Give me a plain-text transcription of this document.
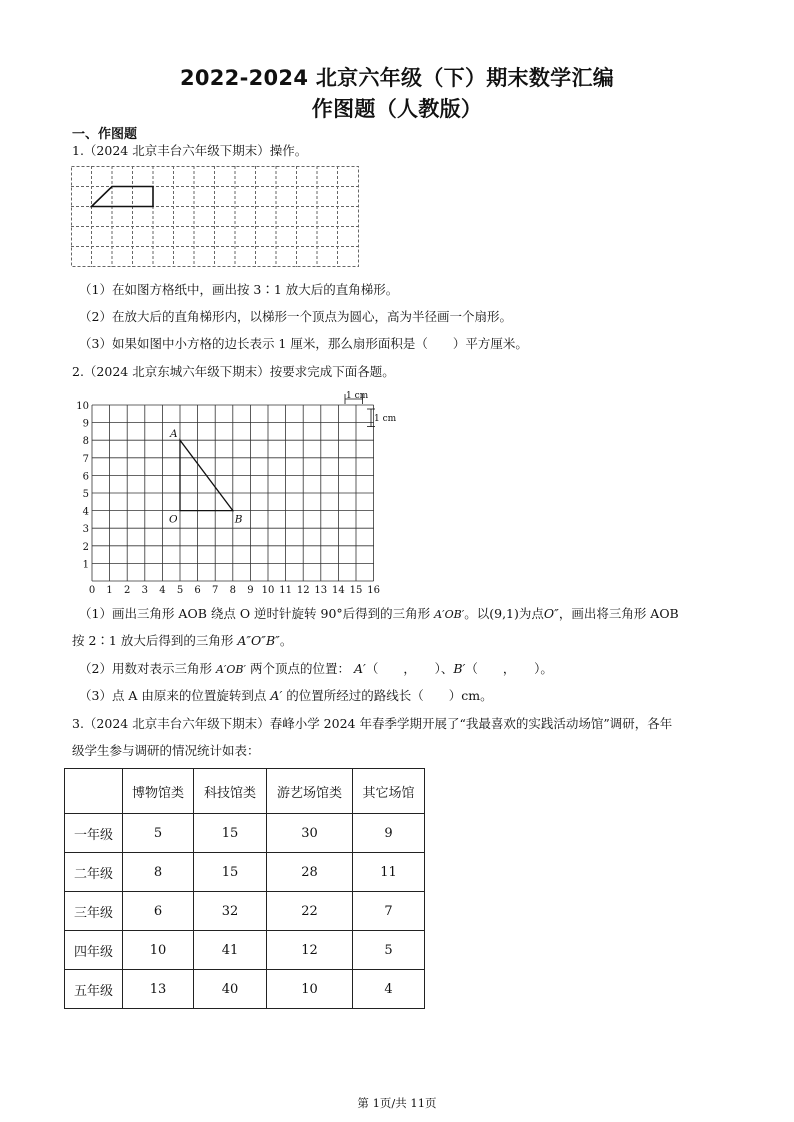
2022-2024 北京六年级（下）期末数学汇编
作图题（人教版）
一、作图题
1.（2024 北京丰台六年级下期末）操作。
（1）在如图方格纸中，画出按 3∶1 放大后的直角梯形。
（2）在放大后的直角梯形内，以梯形一个顶点为圆心，高为半径画一个扇形。
（3）如果如图中小方格的边长表示 1 厘米，那么扇形面积是（　　）平方厘米。
2.（2024 北京东城六年级下期末）按要求完成下面各题。
0 1 2 3 4 5 6 7 8 9 10 11 12 13 14 15 16
1
2
3
4
5
6
7
8
9
10
A
O	B
1 cm
1 cm
（1）画出三角形 AOB 绕点 O 逆时针旋转 90°后得到的三角形 A′OB′。以(9,1)为点O″，画出将三角形 AOB
按 2∶1 放大后得到的三角形 A″O″B″。
（2）用数对表示三角形 A′OB′ 两个顶点的位置： A′（　　，　　）、B′（　　，　　）。
（3）点 A 由原来的位置旋转到点 A′ 的位置所经过的路线长（　　）cm。
3.（2024 北京丰台六年级下期末）春峰小学 2024 年春季学期开展了“我最喜欢的实践活动场馆”调研，各年
级学生参与调研的情况统计如表：
	博物馆类	科技馆类	游艺场馆类	其它场馆
一年级	5	15	30	9
二年级	8	15	28	11
三年级	6	32	22	7
四年级	10	41	12	5
五年级	13	40	10	4
第 1页/共 11页
